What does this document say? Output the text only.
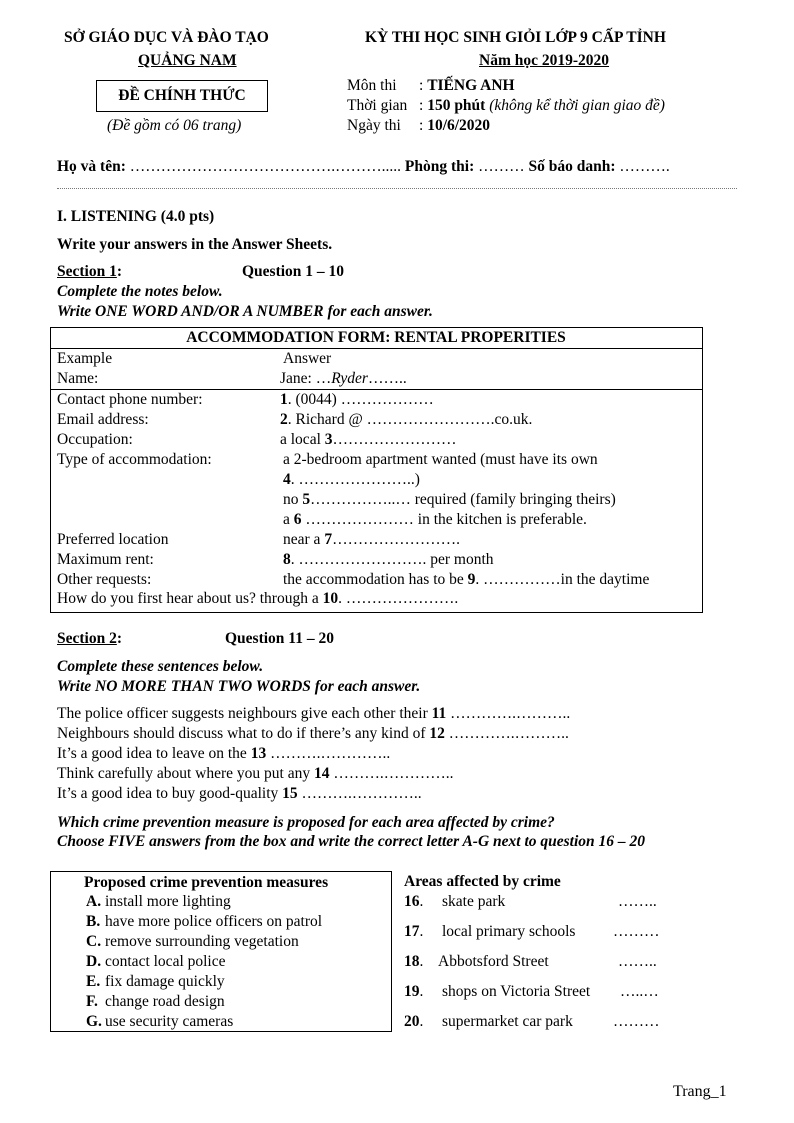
SỞ GIÁO DỤC VÀ ĐÀO TẠO
QUẢNG NAM
ĐỀ CHÍNH THỨC
(Đề gồm có 06 trang)
KỲ THI HỌC SINH GIỎI LỚP 9 CẤP TỈNH
Năm học 2019-2020
Môn thi : TIẾNG ANH
Thời gian : 150 phút (không kể thời gian giao đề)
Ngày thi : 10/6/2020
Họ và tên: ………………………………….………..... Phòng thi: ……… Số báo danh: ……….
I. LISTENING (4.0 pts)
Write your answers in the Answer Sheets.
Section 1:	Question 1 – 10
Complete the notes below.
Write ONE WORD AND/OR A NUMBER for each answer.
ACCOMMODATION FORM: RENTAL PROPERITIES
Example	Answer
Name:	Jane: …Ryder……..
Contact phone number:	1. (0044) ………………
Email address:	2. Richard @ …………………….co.uk.
Occupation:	a local 3……………………
Type of accommodation:	a 2-bedroom apartment wanted (must have its own
4. …………………..)
no 5……………..… required (family bringing theirs)
a 6 ………………… in the kitchen is preferable.
Preferred location	near a 7…………………….
Maximum rent:	8. ……………………. per month
Other requests:	the accommodation has to be 9. ……………in the daytime
How do you first hear about us? through a 10. ………………….
Section 2:	Question 11 – 20
Complete these sentences below.
Write NO MORE THAN TWO WORDS for each answer.
The police officer suggests neighbours give each other their 11 ………….………..
Neighbours should discuss what to do if there’s any kind of 12 ………….………..
It’s a good idea to leave on the 13 ……….…………..
Think carefully about where you put any 14 ……….…………..
It’s a good idea to buy good-quality 15 ……….…………..
Which crime prevention measure is proposed for each area affected by crime?
Choose FIVE answers from the box and write the correct letter A-G next to question 16 – 20
Proposed crime prevention measures
A. install more lighting
B. have more police officers on patrol
C. remove surrounding vegetation
D. contact local police
E. fix damage quickly
F. change road design
G. use security cameras
Areas affected by crime
16. skate park	……..
17. local primary schools ………
18. Abbotsford Street	……..
19. shops on Victoria Street …..…
20. supermarket car park	………
Trang_1
